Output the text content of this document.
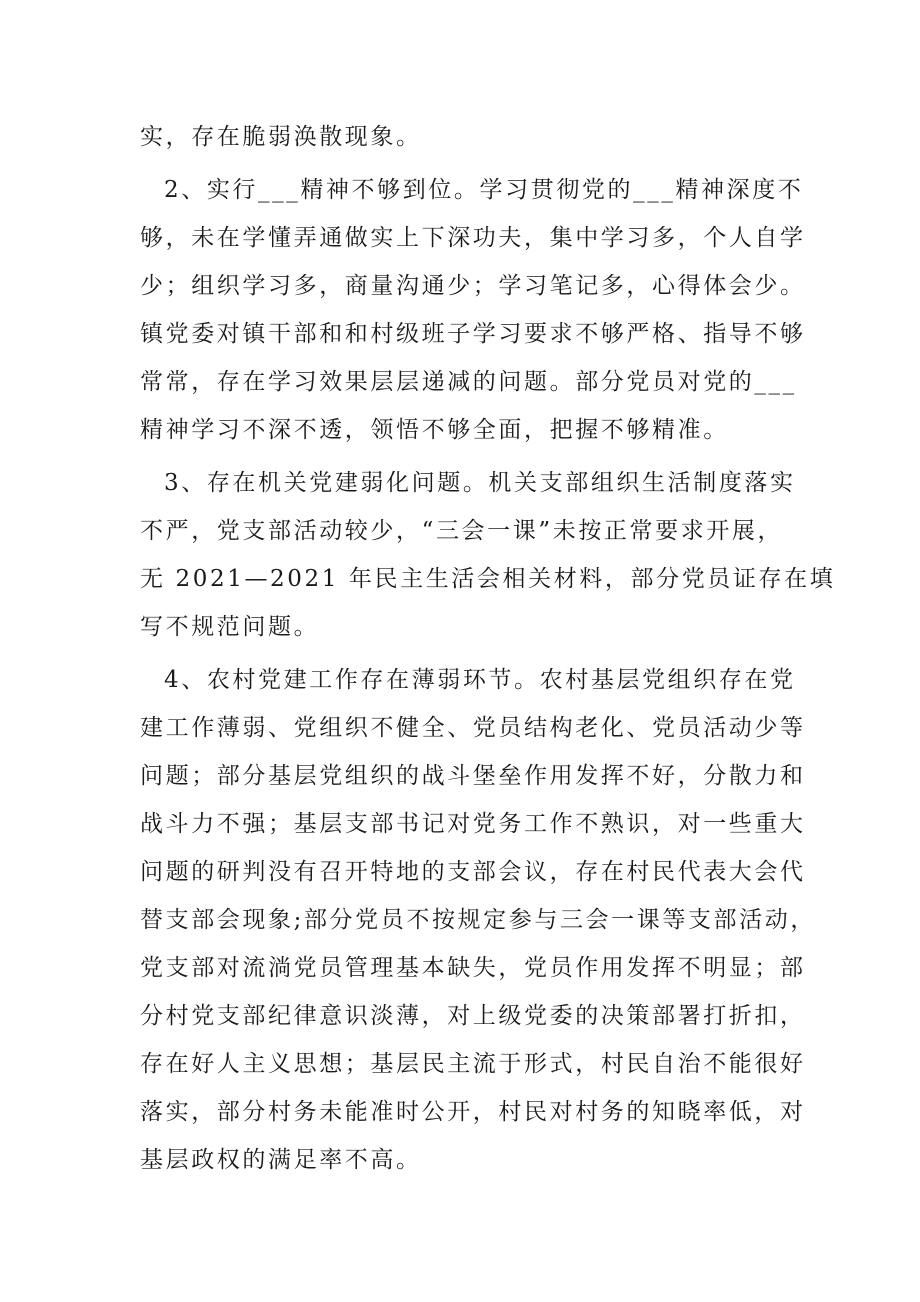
实，存在脆弱涣散现象。
2、实行___精神不够到位。学习贯彻党的___精神深度不
够，未在学懂弄通做实上下深功夫，集中学习多，个人自学
少；组织学习多，商量沟通少；学习笔记多，心得体会少。
镇党委对镇干部和和村级班子学习要求不够严格、指导不够
常常，存在学习效果层层递减的问题。部分党员对党的___
精神学习不深不透，领悟不够全面，把握不够精准。
3、存在机关党建弱化问题。机关支部组织生活制度落实
不严，党支部活动较少，“三会一课”未按正常要求开展，
无 2021—2021 年民主生活会相关材料，部分党员证存在填
写不规范问题。
4、农村党建工作存在薄弱环节。农村基层党组织存在党
建工作薄弱、党组织不健全、党员结构老化、党员活动少等
问题；部分基层党组织的战斗堡垒作用发挥不好，分散力和
战斗力不强；基层支部书记对党务工作不熟识，对一些重大
问题的研判没有召开特地的支部会议，存在村民代表大会代
替支部会现象;部分党员不按规定参与三会一课等支部活动，
党支部对流淌党员管理基本缺失，党员作用发挥不明显；部
分村党支部纪律意识淡薄，对上级党委的决策部署打折扣，
存在好人主义思想；基层民主流于形式，村民自治不能很好
落实，部分村务未能准时公开，村民对村务的知晓率低，对
基层政权的满足率不高。
